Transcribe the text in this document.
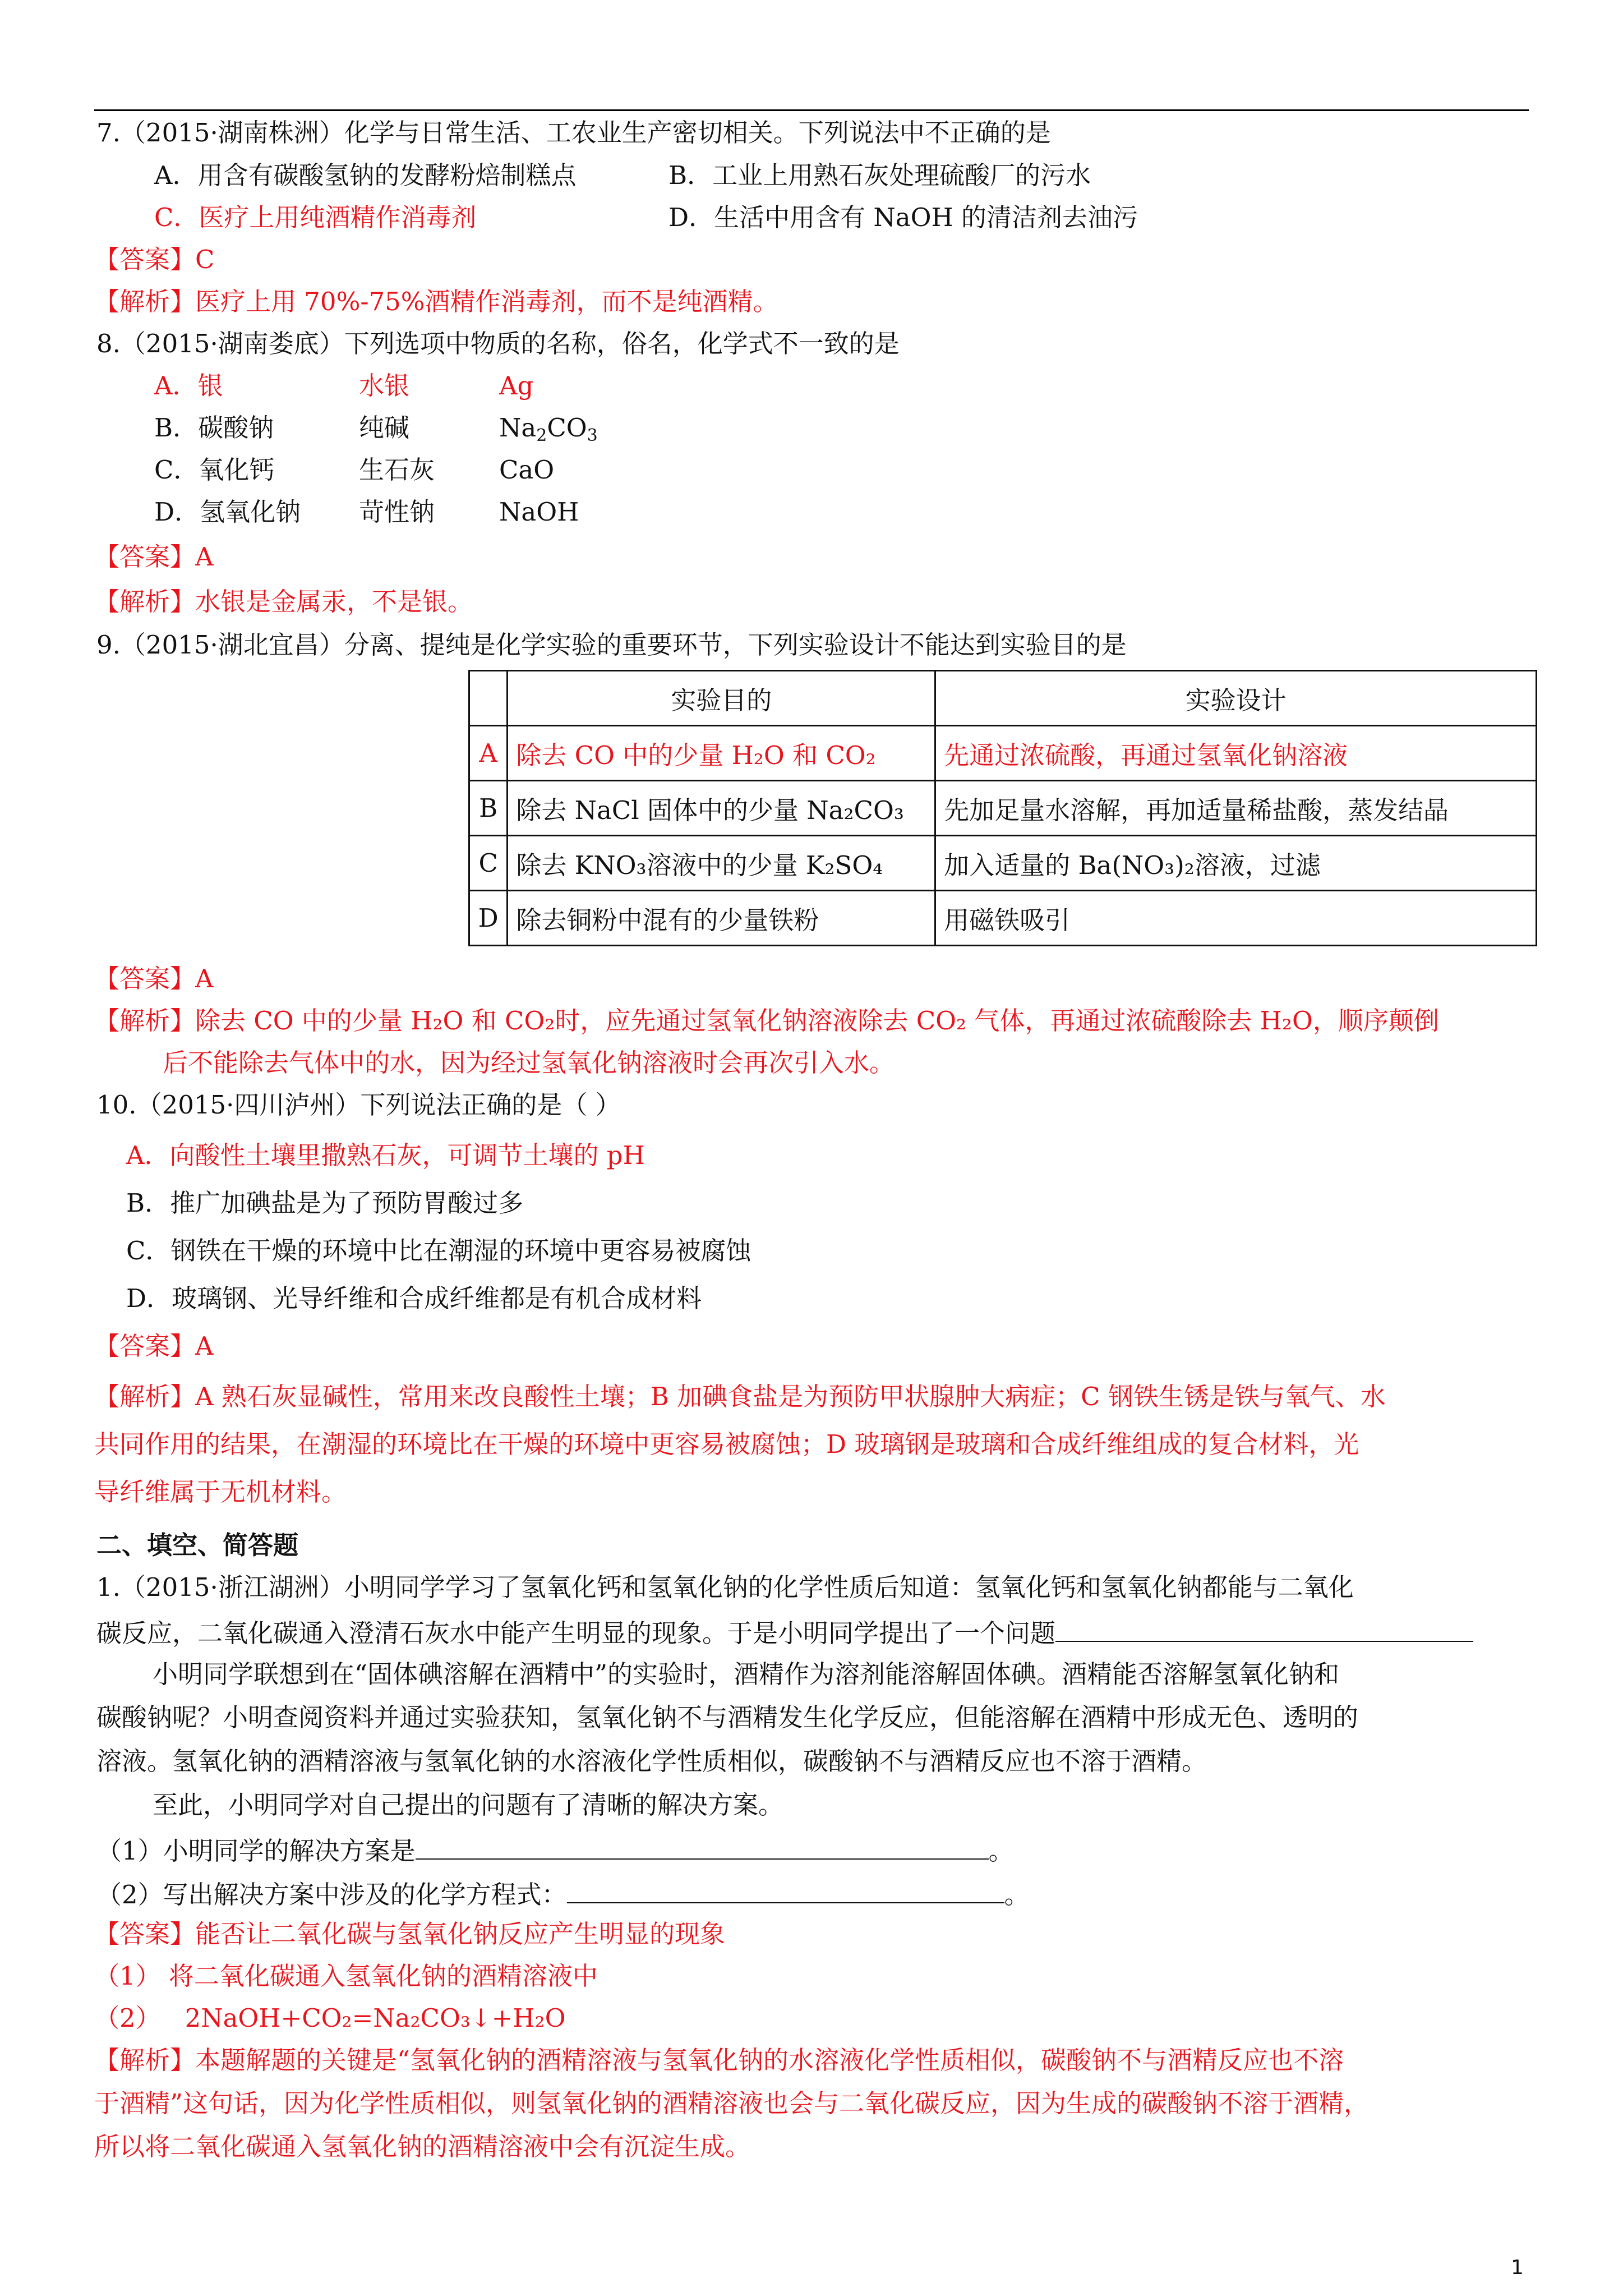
7.（2015·湖南株洲）化学与日常生活、工农业生产密切相关。下列说法中不正确的是
A．用含有碳酸氢钠的发酵粉焙制糕点	B．工业上用熟石灰处理硫酸厂的污水
C．医疗上用纯酒精作消毒剂	D．生活中用含有 NaOH 的清洁剂去油污
【答案】C
【解析】医疗上用 70%-75%酒精作消毒剂，而不是纯酒精。
8.（2015·湖南娄底）下列选项中物质的名称，俗名，化学式不一致的是
A．银	水银	Ag
B．碳酸钠	纯碱	$Na_2CO_3$
C．氧化钙	生石灰	CaO
D．氢氧化钠 苛性钠	NaOH
【答案】A
【解析】水银是金属汞，不是银。
9.（2015·湖北宜昌）分离、提纯是化学实验的重要环节，下列实验设计不能达到实验目的是
	实验目的	实验设计
A	除去 CO 中的少量 H₂O 和 CO₂	先通过浓硫酸，再通过氢氧化钠溶液
B	除去 NaCl 固体中的少量 Na₂CO₃	先加足量水溶解，再加适量稀盐酸，蒸发结晶
C	除去 KNO₃溶液中的少量 K₂SO₄	加入适量的 Ba(NO₃)₂溶液，过滤
D	除去铜粉中混有的少量铁粉	用磁铁吸引
【答案】A
【解析】除去 CO 中的少量 H₂O 和 CO₂时，应先通过氢氧化钠溶液除去 CO₂ 气体，再通过浓硫酸除去 H₂O，顺序颠倒
后不能除去气体中的水，因为经过氢氧化钠溶液时会再次引入水。
10.（2015·四川泸州）下列说法正确的是（ ）
A．向酸性土壤里撒熟石灰，可调节土壤的 pH
B．推广加碘盐是为了预防胃酸过多
C．钢铁在干燥的环境中比在潮湿的环境中更容易被腐蚀
D．玻璃钢、光导纤维和合成纤维都是有机合成材料
【答案】A
【解析】A 熟石灰显碱性，常用来改良酸性土壤；B 加碘食盐是为预防甲状腺肿大病症；C 钢铁生锈是铁与氧气、水
共同作用的结果，在潮湿的环境比在干燥的环境中更容易被腐蚀；D 玻璃钢是玻璃和合成纤维组成的复合材料，光
导纤维属于无机材料。
二、填空、简答题
1.（2015·浙江湖洲）小明同学学习了氢氧化钙和氢氧化钠的化学性质后知道：氢氧化钙和氢氧化钠都能与二氧化
碳反应，二氧化碳通入澄清石灰水中能产生明显的现象。于是小明同学提出了一个问题
小明同学联想到在“固体碘溶解在酒精中”的实验时，酒精作为溶剂能溶解固体碘。酒精能否溶解氢氧化钠和
碳酸钠呢？小明查阅资料并通过实验获知，氢氧化钠不与酒精发生化学反应，但能溶解在酒精中形成无色、透明的
溶液。氢氧化钠的酒精溶液与氢氧化钠的水溶液化学性质相似，碳酸钠不与酒精反应也不溶于酒精。
至此，小明同学对自己提出的问题有了清晰的解决方案。
（1）小明同学的解决方案是	。
（2）写出解决方案中涉及的化学方程式：	。
【答案】能否让二氧化碳与氢氧化钠反应产生明显的现象
（1） 将二氧化碳通入氢氧化钠的酒精溶液中
（2） 2NaOH+CO₂=Na₂CO₃↓+H₂O
【解析】本题解题的关键是“氢氧化钠的酒精溶液与氢氧化钠的水溶液化学性质相似，碳酸钠不与酒精反应也不溶
于酒精”这句话，因为化学性质相似，则氢氧化钠的酒精溶液也会与二氧化碳反应，因为生成的碳酸钠不溶于酒精，
所以将二氧化碳通入氢氧化钠的酒精溶液中会有沉淀生成。
1
